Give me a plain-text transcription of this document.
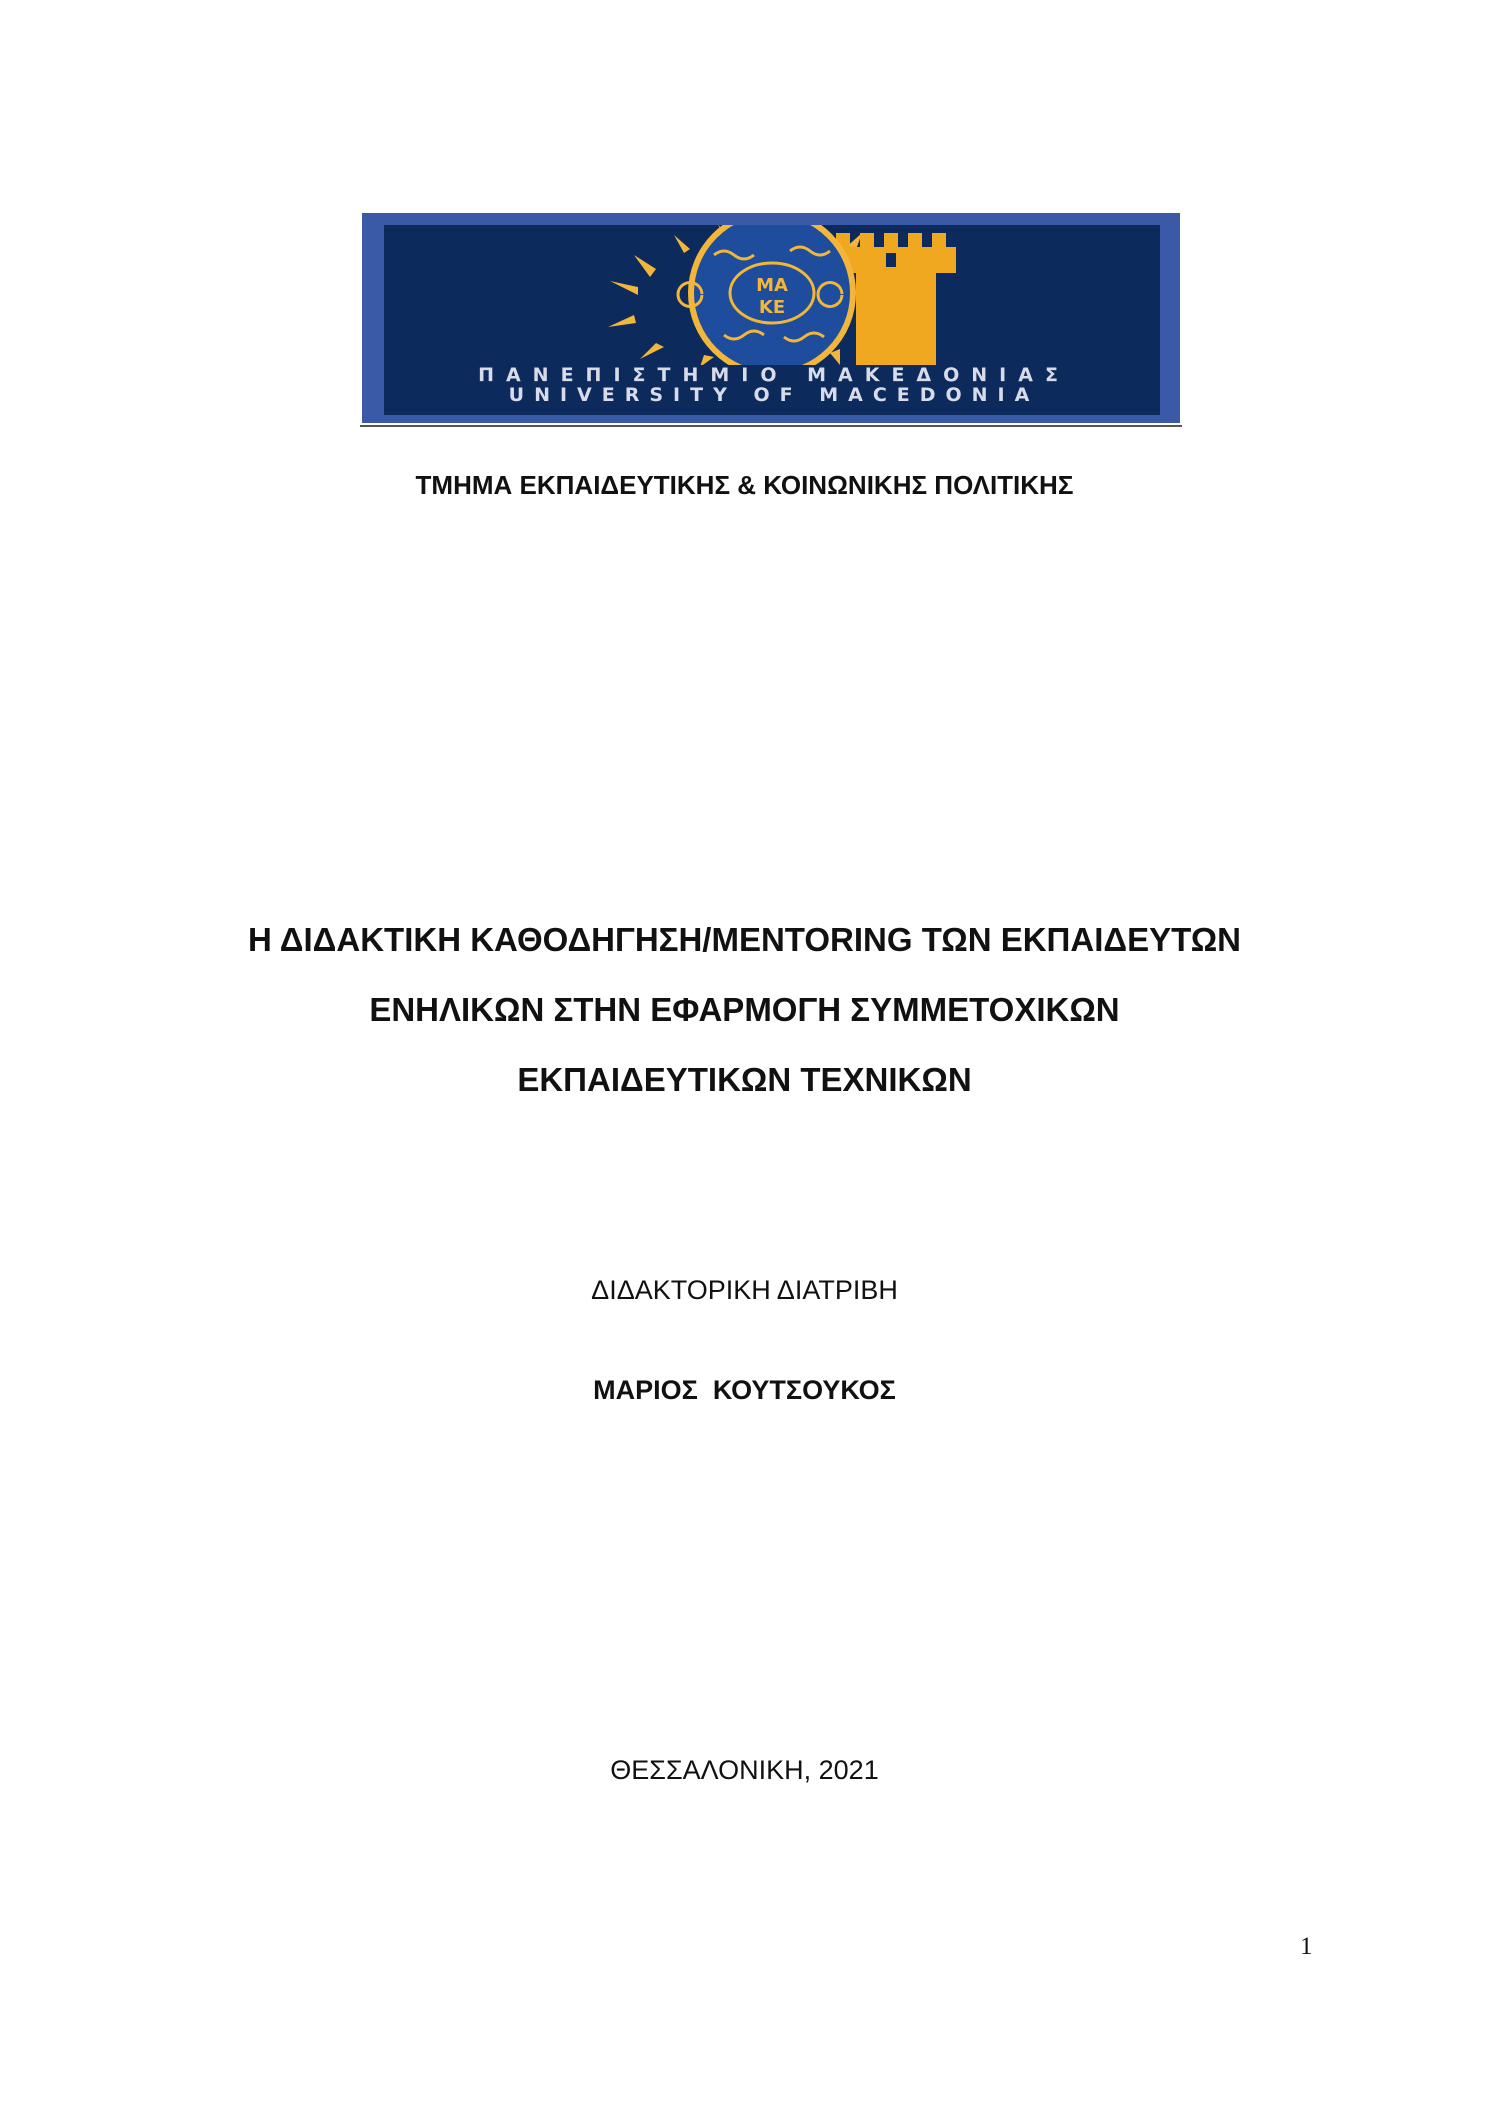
ΜΑ
ΚΕ
ΠΑΝΕΠΙΣΤΗΜΙΟ ΜΑΚΕΔΟΝΙΑΣ
UNIVERSITY OF MACEDONIA
ΤΜΗΜΑ ΕΚΠΑΙΔΕΥΤΙΚΗΣ & ΚΟΙΝΩΝΙΚΗΣ ΠΟΛΙΤΙΚΗΣ
Η ΔΙΔΑΚΤΙΚΗ ΚΑΘΟΔΗΓΗΣΗ/MENTORING ΤΩΝ ΕΚΠΑΙΔΕΥΤΩΝ
ΕΝΗΛΙΚΩΝ ΣΤΗΝ ΕΦΑΡΜΟΓΗ ΣΥΜΜΕΤΟΧΙΚΩΝ
ΕΚΠΑΙΔΕΥΤΙΚΩΝ ΤΕΧΝΙΚΩΝ
ΔΙΔΑΚΤΟΡΙΚΗ ΔΙΑΤΡΙΒΗ
ΜΑΡΙΟΣ  ΚΟΥΤΣΟΥΚΟΣ
ΘΕΣΣΑΛΟΝΙΚΗ, 2021
1
